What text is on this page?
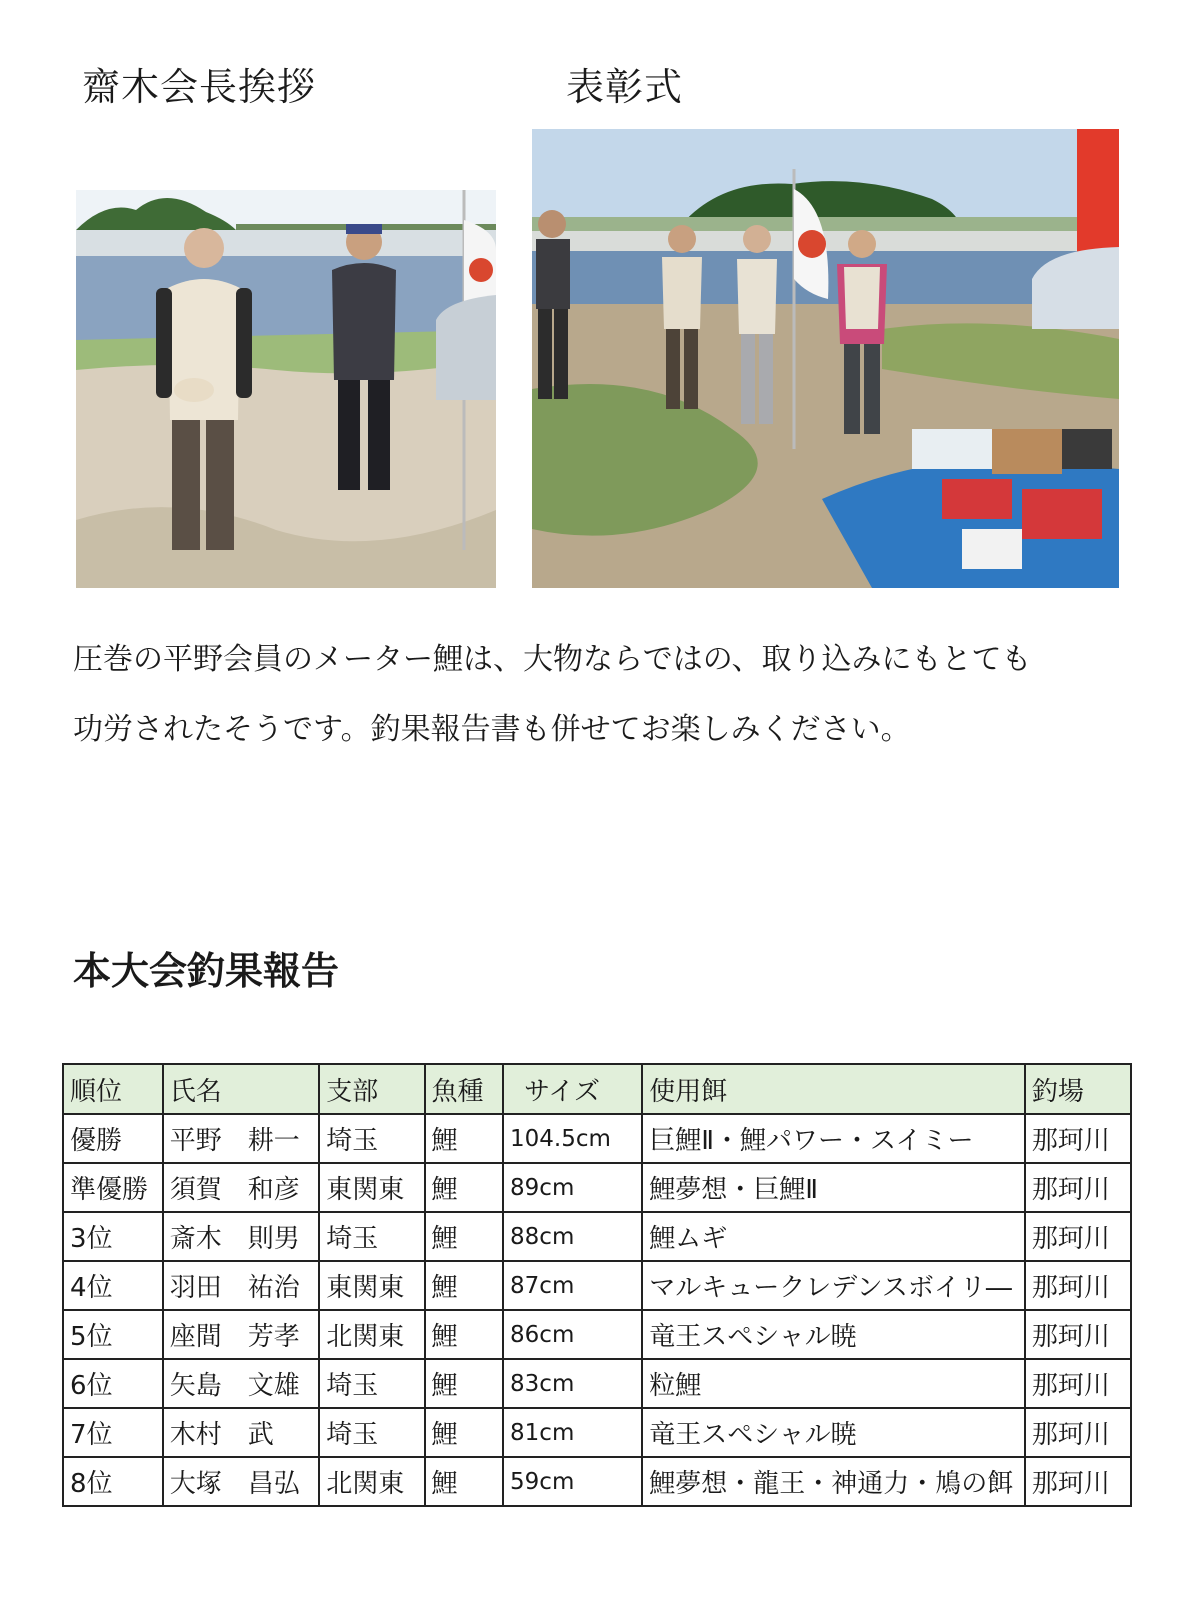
齋木会長挨拶	表彰式
圧巻の平野会員のメーター鯉は、大物ならではの、取り込みにもとても
功労されたそうです。釣果報告書も併せてお楽しみください。
本大会釣果報告
順位	氏名	支部	魚種	サイズ	使用餌	釣場
優勝	平野　耕一	埼玉	鯉	104.5cm	巨鯉Ⅱ・鯉パワー・スイミー	那珂川
準優勝	須賀　和彦	東関東	鯉	89cm	鯉夢想・巨鯉Ⅱ	那珂川
3位	斎木　則男	埼玉	鯉	88cm	鯉ムギ	那珂川
4位	羽田　祐治	東関東	鯉	87cm	マルキュークレデンスボイリ―	那珂川
5位	座間　芳孝	北関東	鯉	86cm	竜王スペシャル暁	那珂川
6位	矢島　文雄	埼玉	鯉	83cm	粒鯉	那珂川
7位	木村　武	埼玉	鯉	81cm	竜王スペシャル暁	那珂川
8位	大塚　昌弘	北関東	鯉	59cm	鯉夢想・龍王・神通力・鳩の餌	那珂川
